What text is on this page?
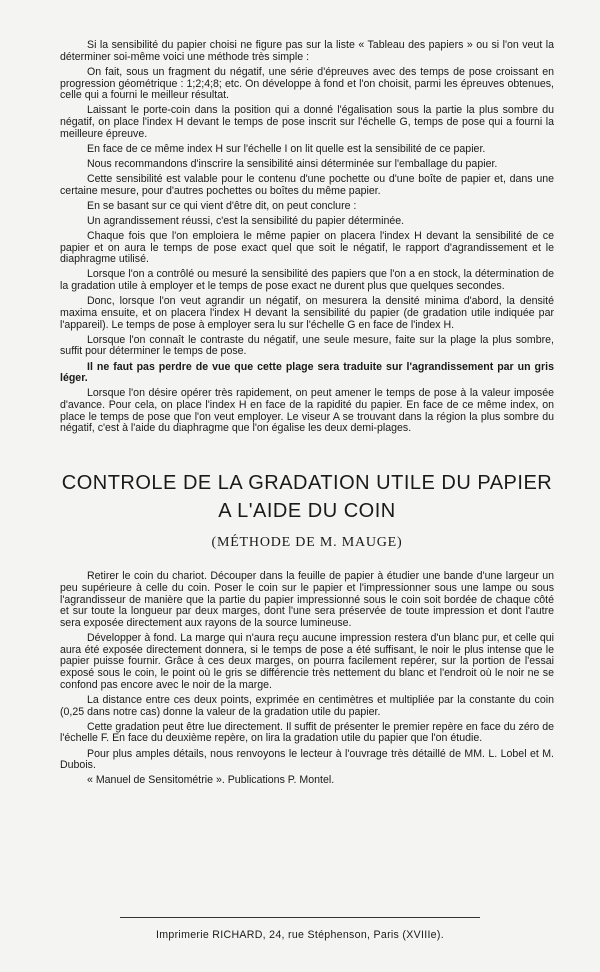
Si la sensibilité du papier choisi ne figure pas sur la liste « Tableau des papiers » ou si l'on veut la déterminer soi-même voici une méthode très simple :

On fait, sous un fragment du négatif, une série d'épreuves avec des temps de pose croissant en progression géométrique : 1;2;4;8; etc. On développe à fond et l'on choisit, parmi les épreuves obtenues, celle qui a fourni le meilleur résultat.

Laissant le porte-coin dans la position qui a donné l'égalisation sous la partie la plus sombre du négatif, on place l'index H devant le temps de pose inscrit sur l'échelle G, temps de pose qui a fourni la meilleure épreuve.

En face de ce même index H sur l'échelle I on lit quelle est la sensibilité de ce papier.

Nous recommandons d'inscrire la sensibilité ainsi déterminée sur l'emballage du papier.

Cette sensibilité est valable pour le contenu d'une pochette ou d'une boîte de papier et, dans une certaine mesure, pour d'autres pochettes ou boîtes du même papier.

En se basant sur ce qui vient d'être dit, on peut conclure :

Un agrandissement réussi, c'est la sensibilité du papier déterminée.

Chaque fois que l'on emploiera le même papier on placera l'index H devant la sensibilité de ce papier et on aura le temps de pose exact quel que soit le négatif, le rapport d'agrandissement et le diaphragme utilisé.

Lorsque l'on a contrôlé ou mesuré la sensibilité des papiers que l'on a en stock, la détermination de la gradation utile à employer et le temps de pose exact ne durent plus que quelques secondes.

Donc, lorsque l'on veut agrandir un négatif, on mesurera la densité minima d'abord, la densité maxima ensuite, et on placera l'index H devant la sensibilité du papier (de gradation utile indiquée par l'appareil). Le temps de pose à employer sera lu sur l'échelle G en face de l'index H.

Lorsque l'on connaît le contraste du négatif, une seule mesure, faite sur la plage la plus sombre, suffit pour déterminer le temps de pose.

Il ne faut pas perdre de vue que cette plage sera traduite sur l'agrandissement par un gris léger.

Lorsque l'on désire opérer très rapidement, on peut amener le temps de pose à la valeur imposée d'avance. Pour cela, on place l'index H en face de la rapidité du papier. En face de ce même index, on place le temps de pose que l'on veut employer. Le viseur A se trouvant dans la région la plus sombre du négatif, c'est à l'aide du diaphragme que l'on égalise les deux demi-plages.

CONTROLE DE LA GRADATION UTILE DU PAPIER
A L'AIDE DU COIN
(MÉTHODE DE M. MAUGE)

Retirer le coin du chariot. Découper dans la feuille de papier à étudier une bande d'une largeur un peu supérieure à celle du coin. Poser le coin sur le papier et l'impressionner sous une lampe ou sous l'agrandisseur de manière que la partie du papier impressionné sous le coin soit bordée de chaque côté et sur toute la longueur par deux marges, dont l'une sera préservée de toute impression et dont l'autre sera exposée directement aux rayons de la source lumineuse.

Développer à fond. La marge qui n'aura reçu aucune impression restera d'un blanc pur, et celle qui aura été exposée directement donnera, si le temps de pose a été suffisant, le noir le plus intense que le papier puisse fournir. Grâce à ces deux marges, on pourra facilement repérer, sur la portion de l'essai exposé sous le coin, le point où le gris se différencie très nettement du blanc et l'endroit où le noir ne se confond pas encore avec le noir de la marge.

La distance entre ces deux points, exprimée en centimètres et multipliée par la constante du coin (0,25 dans notre cas) donne la valeur de la gradation utile du papier.

Cette gradation peut être lue directement. Il suffit de présenter le premier repère en face du zéro de l'échelle F. En face du deuxième repère, on lira la gradation utile du papier que l'on étudie.

Pour plus amples détails, nous renvoyons le lecteur à l'ouvrage très détaillé de MM. L. Lobel et M. Dubois.

« Manuel de Sensitométrie ». Publications P. Montel.

Imprimerie RICHARD, 24, rue Stéphenson, Paris (XVIIIe).
